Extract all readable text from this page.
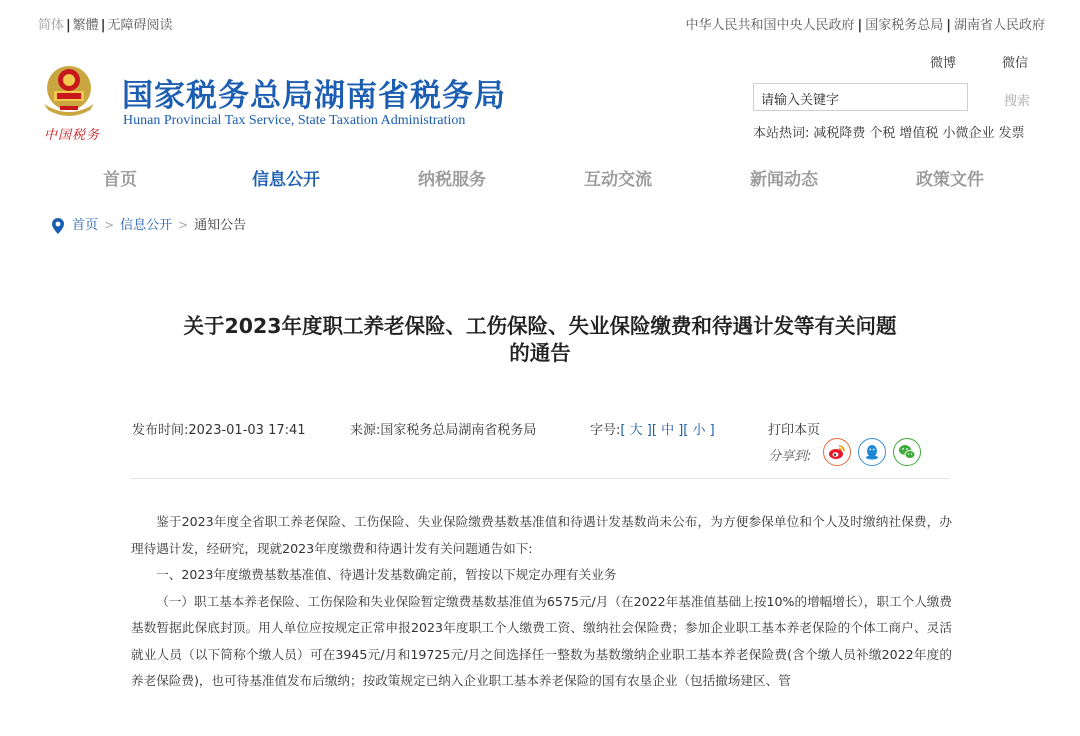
简体 | 繁體 | 无障碍阅读	中华人民共和国中央人民政府 | 国家税务总局 | 湖南省人民政府
中国税务
国家税务总局湖南省税务局
Hunan Provincial Tax Service, State Taxation Administration
微博	微信
请输入关键字
搜索
本站热词: 减税降费 个税 增值税 小微企业 发票
首页	信息公开	纳税服务	互动交流	新闻动态	政策文件
首页 > 信息公开 > 通知公告
关于2023年度职工养老保险、工伤保险、失业保险缴费和待遇计发等有关问题
的通告
发布时间:2023-01-03 17:41	来源:国家税务总局湖南省税务局	字号:[ 大 ][ 中 ][ 小 ]	打印本页
分享到:

鉴于2023年度全省职工养老保险、工伤保险、失业保险缴费基数基准值和待遇计发基数尚未公布，为方便参保单位和个人及时缴纳社保费，办理待遇计发，经研究，现就2023年度缴费和待遇计发有关问题通告如下:

一、2023年度缴费基数基准值、待遇计发基数确定前，暂按以下规定办理有关业务

（一）职工基本养老保险、工伤保险和失业保险暂定缴费基数基准值为6575元/月（在2022年基准值基础上按10%的增幅增长），职工个人缴费基数暂据此保底封顶。用人单位应按规定正常申报2023年度职工个人缴费工资、缴纳社会保险费；参加企业职工基本养老保险的个体工商户、灵活就业人员（以下简称个缴人员）可在3945元/月和19725元/月之间选择任一整数为基数缴纳企业职工基本养老保险费(含个缴人员补缴2022年度的养老保险费)，也可待基准值发布后缴纳；按政策规定已纳入企业职工基本养老保险的国有农垦企业（包括撤场建区、管
